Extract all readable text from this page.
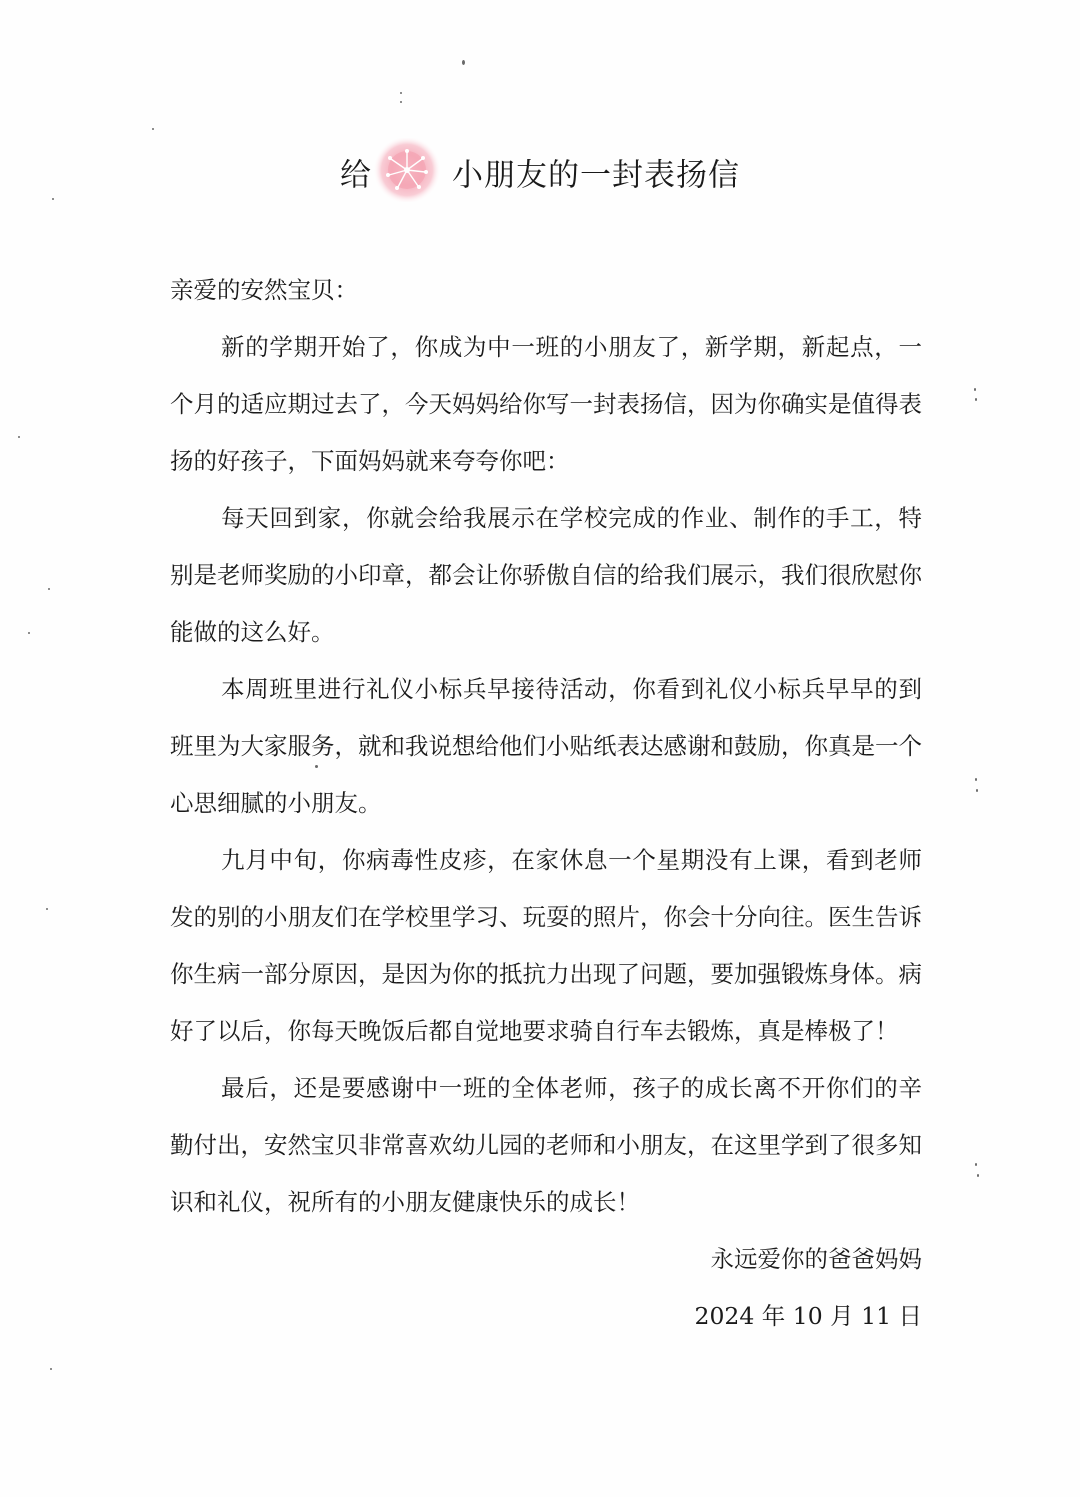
给	小朋友的一封表扬信

亲爱的安然宝贝：

新的学期开始了，你成为中一班的小朋友了，新学期，新起点，一个月的适应期过去了，今天妈妈给你写一封表扬信，因为你确实是值得表扬的好孩子，下面妈妈就来夸夸你吧：

每天回到家，你就会给我展示在学校完成的作业、制作的手工，特别是老师奖励的小印章，都会让你骄傲自信的给我们展示，我们很欣慰你能做的这么好。

本周班里进行礼仪小标兵早接待活动，你看到礼仪小标兵早早的到班里为大家服务，就和我说想给他们小贴纸表达感谢和鼓励，你真是一个心思细腻的小朋友。

九月中旬，你病毒性皮疹，在家休息一个星期没有上课，看到老师发的别的小朋友们在学校里学习、玩耍的照片，你会十分向往。医生告诉你生病一部分原因，是因为你的抵抗力出现了问题，要加强锻炼身体。病好了以后，你每天晚饭后都自觉地要求骑自行车去锻炼，真是棒极了！

最后，还是要感谢中一班的全体老师，孩子的成长离不开你们的辛勤付出，安然宝贝非常喜欢幼儿园的老师和小朋友，在这里学到了很多知识和礼仪，祝所有的小朋友健康快乐的成长！

永远爱你的爸爸妈妈

2024 年 10 月 11 日
